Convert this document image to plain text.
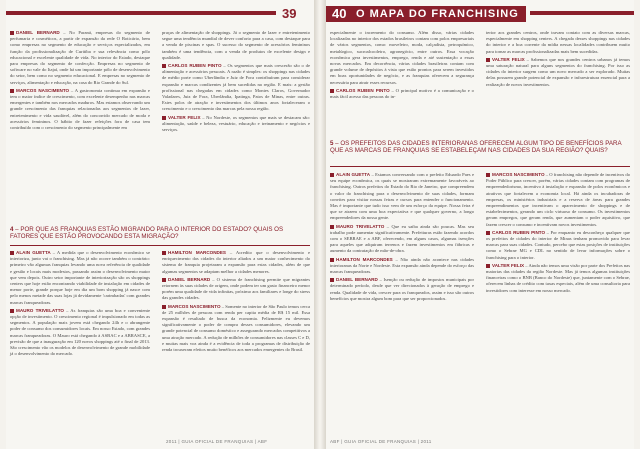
39

DANIEL BERNARD – No Paraná, empresas do segmento de perfumaria e cosméticos, a partir de expansão da rede O Boticário, bem como empresas no segmento de educação e serviços especializados, em função da profissionalização de Curitiba e sua relevância como pólo educacional e excelente qualidade de vida. No interior do Estado, destaque para empresas do segmento de confecção. Empresas no segmento de software no vale do Itajaí, onde há um importante pólo de desenvolvimento do setor, bem como no segmento educacional. E empresas no segmento de serviços, alimentação e educação, na casa do Rio Grande do Sul.

MARCOS NASCIMENTO – A gastronomia continua em expansão e tem o maior índice de crescimento, com excelente desempenho nas marcas emergentes e também nos mercados maduros. Mas estamos observando um grande crescimento das franquias relacionadas aos segmentos de lazer, entretenimento e vida saudável, além do concorrido mercado de moda e acessórios femininos. O hábito de fazer refeições fora de casa tem contribuído com o crescimento do segmento principalmente em

praças de alimentação de shoppings. Já o segmento de lazer e entretenimento segue uma tendência mundial de dever conforto para a casa, com destaque para a venda de piscinas e spas. O sucesso do segmento de acessórios femininos também é uma tendência, com a venda de produtos de excelente design e qualidade.

CARLOS RUBEN PINTO – Os segmentos que mais crescerão são o de alimentação e acessórios pessoais. A razão é simples: os shoppings nas cidades de médio porte como Uberlândia e Juiz de Fora contribuíram para considerar expansão e marcas condizentes já bem sucedidas na região. E mais: a gestão profissional nas chegadas em cidades como Montes Claros, Governador Valadares, Juiz de Fora, Uberlândia, Ipatinga, Patos de Minas, entre outras. Estes polos de atração e investimentos dos últimos anos fortaleceram o crescimento e o crescimento das marcas pela nossa região.

VALTER FELIX – No Nordeste, os segmentos que mais se destacam são: alimentação, saúde e beleza, vestuário, educação e treinamento e negócios e serviços.

4 – POR QUE AS FRANQUIAS ESTÃO MIGRANDO PARA O INTERIOR DO ESTADO? QUAIS OS FATORES QUE ESTÃO PROVOCANDO ESTA MIGRAÇÃO?

ALAIN GUETTA – A medida que o desenvolvimento econômico se interioriza, junto vai o franchising. Mas já não ocorre também o contrário: primeiro vão algumas franquias levando uma nova referência de qualidade e gestão e locais mais modestos, passando assim o desenvolvimento maior que vem depois. Outro setor importante de interiorização são os shoppings centers que hoje estão encontrando viabilidade de instalação em cidades de menor porte, grande porque hoje em dia um bom shopping já nasce com pelo menos metade das suas lojas já devidamente 'carimbadas' com grandes marcas franqueadoras.

MAURO TRIVELATTO – As franquias são uma boa e conveniente opção de investimento. O crescimento regional é impulsionado em todas as segmentos. A população mais jovem está chegando 24h e o abrangente poder de consumo dos consumidores locais. Em nosso Estado, com grandes marcas franqueadoras. O Mauro está chegando à ASBAC e a ABRASCE, a previsão de que a inauguração em 120 novos shoppings até o final de 2013. São crescimento vão os modelos de desenvolvimento de grande mobilidade já o desenvolvimento do mercado.

HAMILTON MARCONDES – Acredito que o desenvolvimento e enriquecimento das cidades do interior aliados a um maior conhecimento do sistema de franquia projetaram a expansão para estas cidades, além de que algumas segmentos se adaptam melhor a cidades menores.

DANIEL BERNARD – O sistema de franchising permite que migrantes retornem às suas cidades de origem, onde podem ter um gasto financeiro menor porém uma qualidade de vida infinitas, próximo aos familiares e longe do stress das grandes cidades.

MARCOS NASCIMENTO – Somente no interior de São Paulo temos cerca de 25 milhões de pessoas com renda per capita média de R$ 15 mil. Essa expansão é resultado de busca da economia. Felizmente eu devemos significativamente o poder de compra desses consumidores, elevando um grande potencial de consumo doméstico e assegurando mercados competitivos a uma atração mercado. A redução de milhões de consumidores nas classes C e D, e muitas mais voz ainda é a evidência de toda a programas de distribuição de renda trouxeram efeitos muito benéficos aos mercados emergentes do Brasil.

2011 | GUIA OFICIAL DE FRANQUIAS | ABF
40 O MAPA DO FRANCHISING

especialmente o incremento do consumo. Além disso, várias cidades localizadas no interior dos estados brasileiros contam com polos empresariais de vários segmentos, como: moveleiro, moda, calçadista, petroquímico, metalúrgico, sucroalcooleiro, agronegócio, entre outros. Essa vocação econômica gera investimentos, emprego, renda e até sustentação a essas novas mercados. Em decorrência, várias cidades brasileiras contam com grande volume de depósitos à vista que estão prontos para serem investidos em boas oportunidades de negócio, e as franquias oferecem a segurança necessária para atrair esses recursos.

CARLOS RUBEN PINTO – O principal motivo é a comunicação e o mais fácil acesso das pessoas do in-

terior aos grandes centros, onde travam contato com as diversas marcas, especialmente em shopping centers. A chegada desses shoppings nas cidades do interior e a boa corrente da mídia nessas localidades contribuem muito para tornar as marcas profissionalizadas mais bem sucedidas.

VALTER FELIX – Sabemos que nos grandes centros urbanos já temos uma saturação natural para alguns segmentos do franchising. Por isso as cidades do interior surgem como um novo mercado a ser explorado. Muitas delas possuem grande potencial de expansão e infraestrutura essencial para a realização de novos investimentos.

5 – OS PREFEITOS DAS CIDADES INTERIORANAS OFERECEM ALGUM TIPO DE BENEFÍCIOS PARA QUE AS MARCAS DE FRANQUIAS SE ESTABELEÇAM NAS CIDADES DA SUA REGIÃO? QUAIS?

ALAIN GUETTA – Estamos conversando com o prefeito Eduardo Paes e seu equipe econômica, os quais se mostraram extremamente favoráveis ao franchising. Outros prefeitos do Estado do Rio de Janeiro, que compreendem o valor do franchising para o desenvolvimento de suas cidades, formam convites para visitar nossas feiras e cursos para entender o funcionamento. Mas é importante que tudo isso vem de um esforço da equipe. Nossa feira é que se atraem com uma boa expectativa e que qualquer governo, a longo empreendedores da nossa gente.

MAURO TRIVELATTO – Que eu saiba ainda são poucas. Mas seu trabalho pode aumentar significativamente. Prefeituras estão fazendo acordos com o SEBRAE e a ABF, oferecendo, em alguns casos, algumas isenções para aqueles que adquiram terrenos e fazem investimentos em fábricas e aumento da contratação de mão-de-obra.

HAMILTON MARCONDES – Não ainda não acontece nas cidades interioranas da Norte e Nordeste. Esta expansão ainda depende do esforço das marcas franqueadoras.

DANIEL BERNARD – Isenção ou redução de impostos municipais por determinado período, desde que ver direcionados à geração de emprego e renda. Qualidade de vida, crescer para os franqueados, assim e isso são outros benefícios que mostra algum bom para que ser proporcionados.

MARCOS NASCIMENTO – O franchising não depende de incentivos do Poder Público para crescer, porém, várias cidades contam com programas de empreendedorismo, incentivo à instalação e expansão de polos econômicos e atrativos que fortalecem a economia local. Há ainda os incubadoras de empresas, os ministérios industriais e a reserva de áreas para grandes empreendimentos que incentivam o aparecimento de shoppings e de estabelecimentos, gerando um ciclo virtuoso de consumo. Os investimentos geram empregos, que geram renda, que aumentam o poder aquisitivo, que fazem crescer o consumo e incentivam novos investimentos.

CARLOS RUBEN PINTO – Por enquanto eu desconheço qualquer que os prefeitos de cidades do interior de Minas tenham promovido para levar marcas para suas cidades. Contudo, percebo que estas posições de instituições como o Sebrae MG e CDL no sentido de levar informações sobre o franchising para o interior.

VALTER FELIX – Ainda não temos uma visão por parte dos Prefeitos nas maiorias das cidades da região Nordeste. Mas já temos algumas instituições financeiras como o BNB (Banco do Nordeste) que, juntamente com o Sebrae, oferecem linhas de crédito com taxas especiais, além de uma consultoria para investidores com interesse em nosso mercado.

ABF | GUIA OFICIAL DE FRANQUIAS | 2011
